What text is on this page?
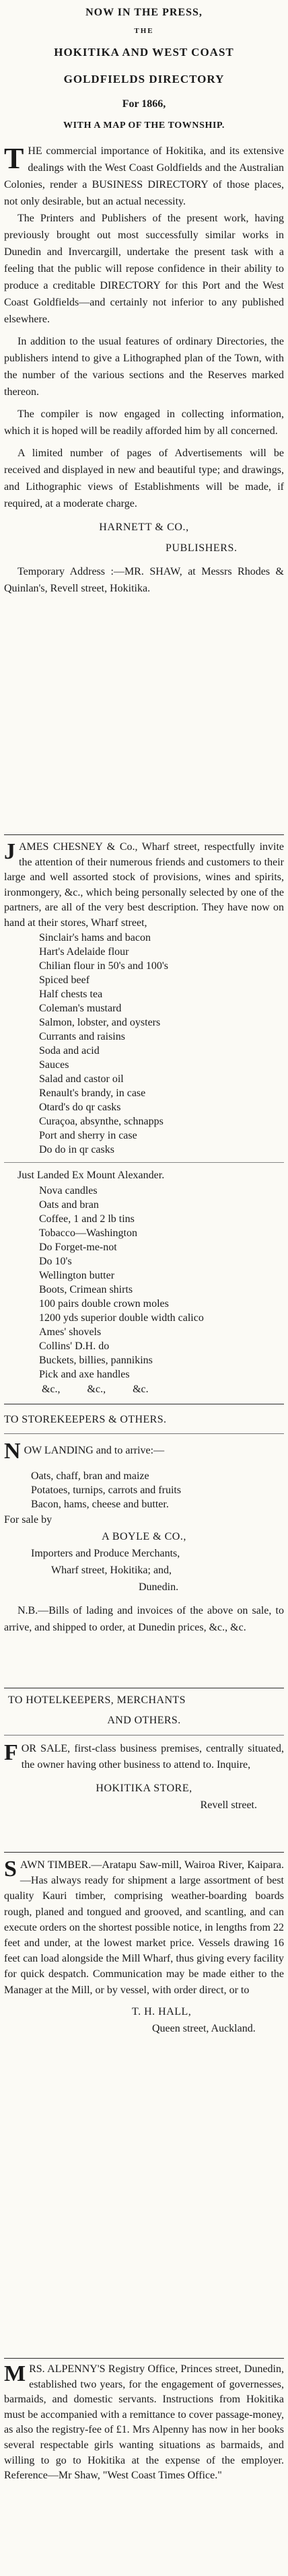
NOW IN THE PRESS,
THE
HOKITIKA AND WEST COAST
GOLDFIELDS DIRECTORY
For 1866,
WITH A MAP OF THE TOWNSHIP.

THE commercial importance of Hokitika, and its extensive dealings with the West Coast Goldfields and the Australian Colonies, render a BUSINESS DIRECTORY of those places, not only desirable, but an actual necessity.

The Printers and Publishers of the present work, having previously brought out most successfully similar works in Dunedin and Invercargill, undertake the present task with a feeling that the public will repose confidence in their ability to produce a creditable DIRECTORY for this Port and the West Coast Goldfields—and certainly not inferior to any published elsewhere.

In addition to the usual features of ordinary Directories, the publishers intend to give a Lithographed plan of the Town, with the number of the various sections and the Reserves marked thereon.

The compiler is now engaged in collecting information, which it is hoped will be readily afforded him by all concerned.

A limited number of pages of Advertisements will be received and displayed in new and beautiful type; and drawings, and Lithographic views of Establishments will be made, if required, at a moderate charge.

HARNETT & CO.,
PUBLISHERS.

Temporary Address :—MR. SHAW, at Messrs Rhodes & Quinlan's, Revell street, Hokitika.

JAMES CHESNEY & Co., Wharf street, respectfully invite the attention of their numerous friends and customers to their large and well assorted stock of provisions, wines and spirits, ironmongery, &c., which being personally selected by one of the partners, are all of the very best description. They have now on hand at their stores, Wharf street,

Sinclair's hams and bacon
Hart's Adelaide flour
Chilian flour in 50's and 100's
Spiced beef
Half chests tea
Coleman's mustard
Salmon, lobster, and oysters
Currants and raisins
Soda and acid
Sauces
Salad and castor oil
Renault's brandy, in case
Otard's do qr casks
Curaçoa, absynthe, schnapps
Port and sherry in case
Do do in qr casks
Just Landed Ex Mount Alexander.
Nova candles
Oats and bran
Coffee, 1 and 2 lb tins
Tobacco—Washington
Do Forget-me-not
Do 10's
Wellington butter
Boots, Crimean shirts
100 pairs double crown moles
1200 yds superior double width calico
Ames' shovels
Collins' D.H. do
Buckets, billies, pannikins
Pick and axe handles
&c.,          &c.,          &c.
TO STOREKEEPERS & OTHERS.

NOW LANDING and to arrive:—

Oats, chaff, bran and maize
Potatoes, turnips, carrots and fruits
Bacon, hams, cheese and butter.
For sale by
A BOYLE & CO.,
Importers and Produce Merchants,
Wharf street, Hokitika; and,
Dunedin.

N.B.—Bills of lading and invoices of the above on sale, to arrive, and shipped to order, at Dunedin prices, &c., &c.

TO HOTELKEEPERS, MERCHANTS
AND OTHERS.

FOR SALE, first-class business premises, centrally situated, the owner having other business to attend to. Inquire,

HOKITIKA STORE,
Revell street.

SAWN TIMBER.—Aratapu Saw-mill, Wairoa River, Kaipara.—Has always ready for shipment a large assortment of best quality Kauri timber, comprising weather-boarding boards rough, planed and tongued and grooved, and scantling, and can execute orders on the shortest possible notice, in lengths from 22 feet and under, at the lowest market price. Vessels drawing 16 feet can load alongside the Mill Wharf, thus giving every facility for quick despatch. Communication may be made either to the Manager at the Mill, or by vessel, with order direct, or to

T. H. HALL,
Queen street, Auckland.

MRS. ALPENNY'S Registry Office, Princes street, Dunedin, established two years, for the engagement of governesses, barmaids, and domestic servants. Instructions from Hokitika must be accompanied with a remittance to cover passage-money, as also the registry-fee of £1. Mrs Alpenny has now in her books several respectable girls wanting situations as barmaids, and willing to go to Hokitika at the expense of the employer. Reference—Mr Shaw, "West Coast Times Office."
